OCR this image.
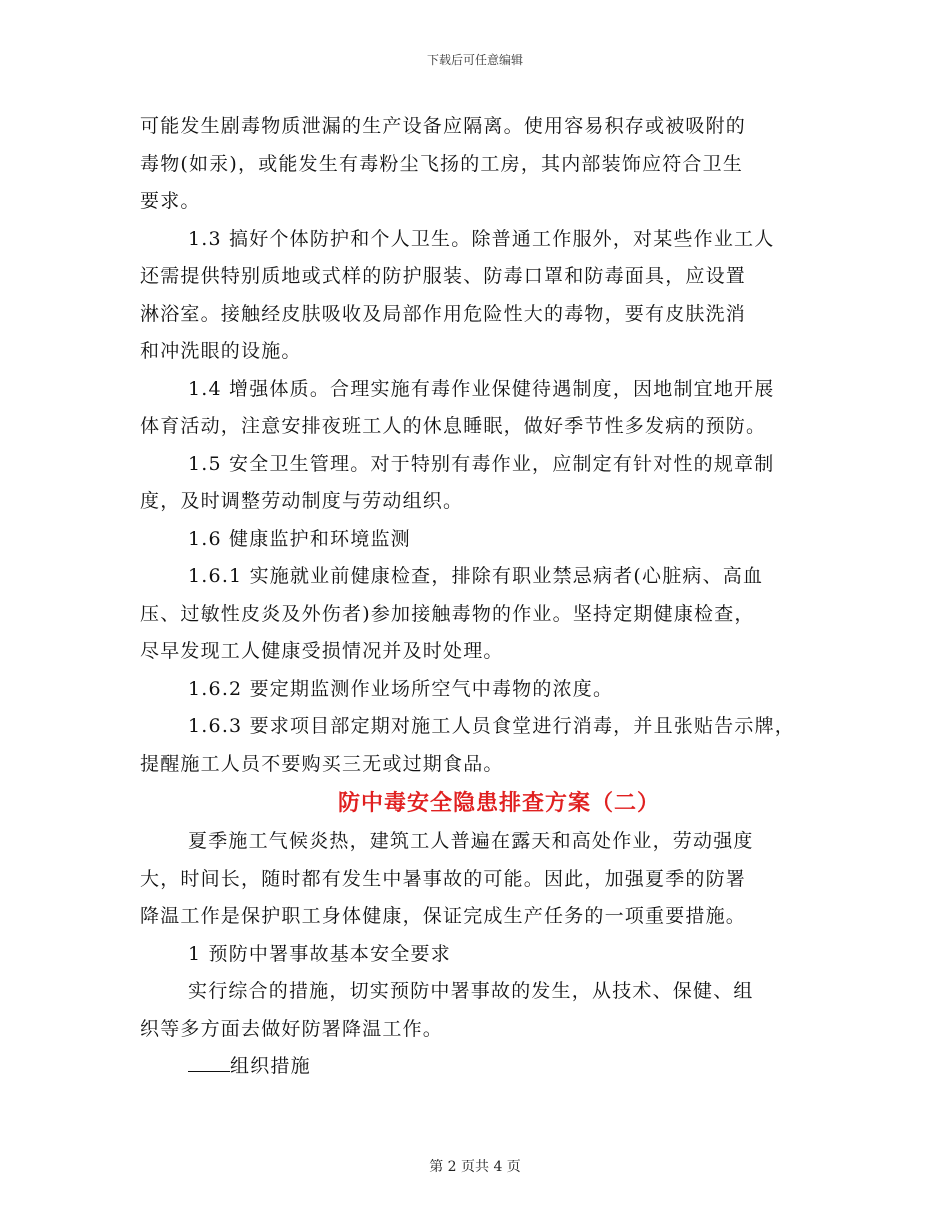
下载后可任意编辑

可能发生剧毒物质泄漏的生产设备应隔离。使用容易积存或被吸附的

毒物(如汞)，或能发生有毒粉尘飞扬的工房，其内部装饰应符合卫生

要求。

1.3 搞好个体防护和个人卫生。除普通工作服外，对某些作业工人

还需提供特别质地或式样的防护服装、防毒口罩和防毒面具，应设置

淋浴室。接触经皮肤吸收及局部作用危险性大的毒物，要有皮肤洗消

和冲洗眼的设施。

1.4 增强体质。合理实施有毒作业保健待遇制度，因地制宜地开展

体育活动，注意安排夜班工人的休息睡眠，做好季节性多发病的预防。

1.5 安全卫生管理。对于特别有毒作业，应制定有针对性的规章制

度，及时调整劳动制度与劳动组织。

1.6 健康监护和环境监测

1.6.1 实施就业前健康检查，排除有职业禁忌病者(心脏病、高血

压、过敏性皮炎及外伤者)参加接触毒物的作业。坚持定期健康检查，

尽早发现工人健康受损情况并及时处理。

1.6.2 要定期监测作业场所空气中毒物的浓度。

1.6.3 要求项目部定期对施工人员食堂进行消毒，并且张贴告示牌，

提醒施工人员不要购买三无或过期食品。

防中毒安全隐患排查方案（二）

夏季施工气候炎热，建筑工人普遍在露天和高处作业，劳动强度

大，时间长，随时都有发生中暑事故的可能。因此，加强夏季的防署

降温工作是保护职工身体健康，保证完成生产任务的一项重要措施。

1 预防中署事故基本安全要求

实行综合的措施，切实预防中署事故的发生，从技术、保健、组

织等多方面去做好防署降温工作。

组织措施

第 2 页共 4 页
